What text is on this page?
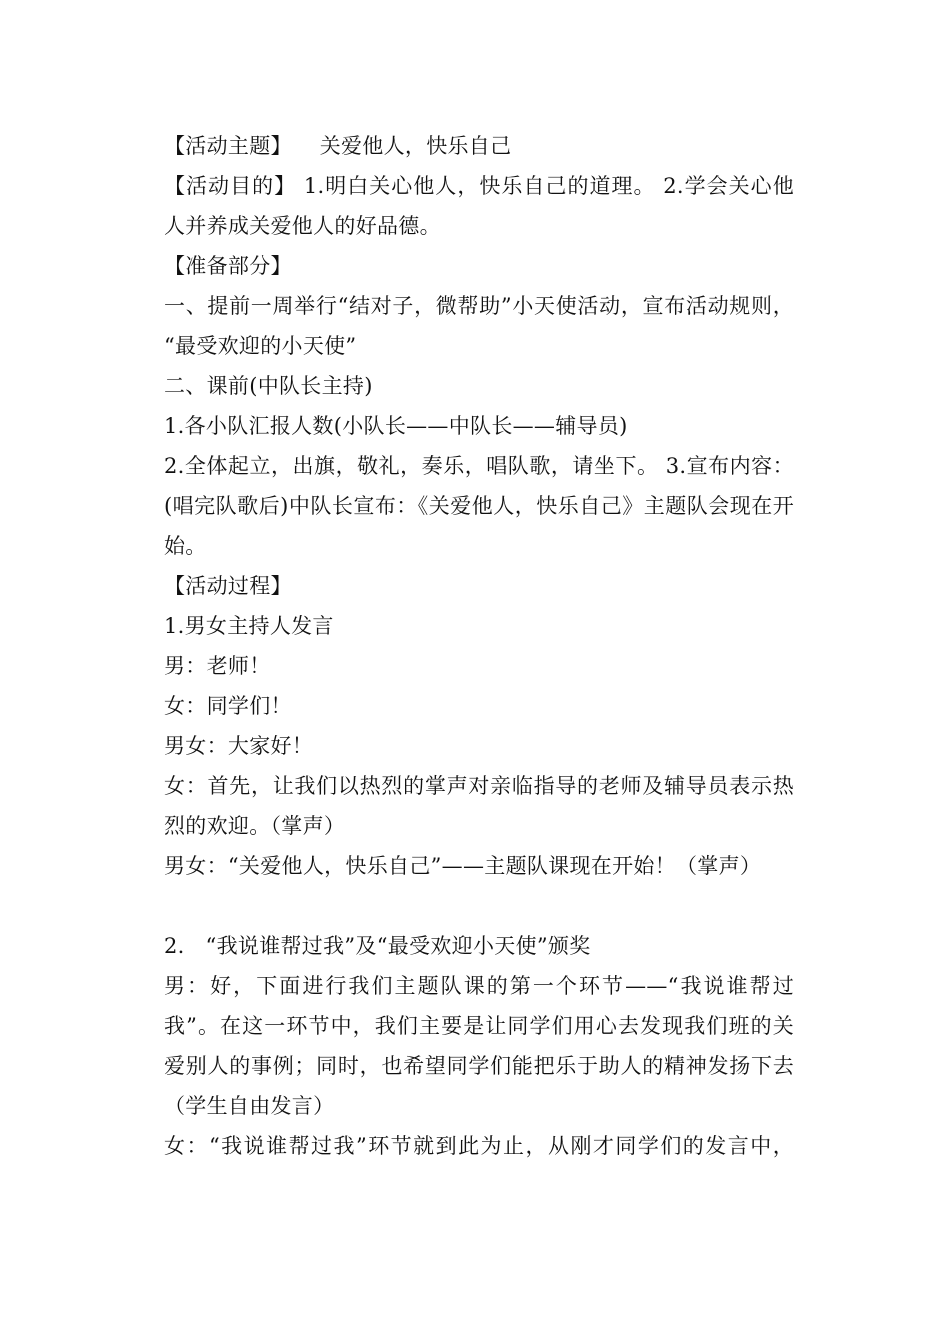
【活动主题】    关爱他人，快乐自己
【活动目的】 1.明白关心他人，快乐自己的道理。 2.学会关心他
人并养成关爱他人的好品德。
【准备部分】
一、提前一周举行“结对子，微帮助”小天使活动，宣布活动规则，
“最受欢迎的小天使”
二、课前(中队长主持)
1.各小队汇报人数(小队长——中队长——辅导员)
2.全体起立，出旗，敬礼，奏乐，唱队歌，请坐下。 3.宣布内容：
(唱完队歌后)中队长宣布：《关爱他人，快乐自己》主题队会现在开
始。
【活动过程】
1.男女主持人发言
男：老师！
女：同学们！
男女：大家好！
女：首先，让我们以热烈的掌声对亲临指导的老师及辅导员表示热
烈的欢迎。（掌声）
男女：“关爱他人，快乐自己”——主题队课现在开始！（掌声）
2.   “我说谁帮过我”及“最受欢迎小天使”颁奖
男：好，下面进行我们主题队课的第一个环节——“我说谁帮过
我”。在这一环节中，我们主要是让同学们用心去发现我们班的关
爱别人的事例；同时，也希望同学们能把乐于助人的精神发扬下去
（学生自由发言）
女：“我说谁帮过我”环节就到此为止，从刚才同学们的发言中，
